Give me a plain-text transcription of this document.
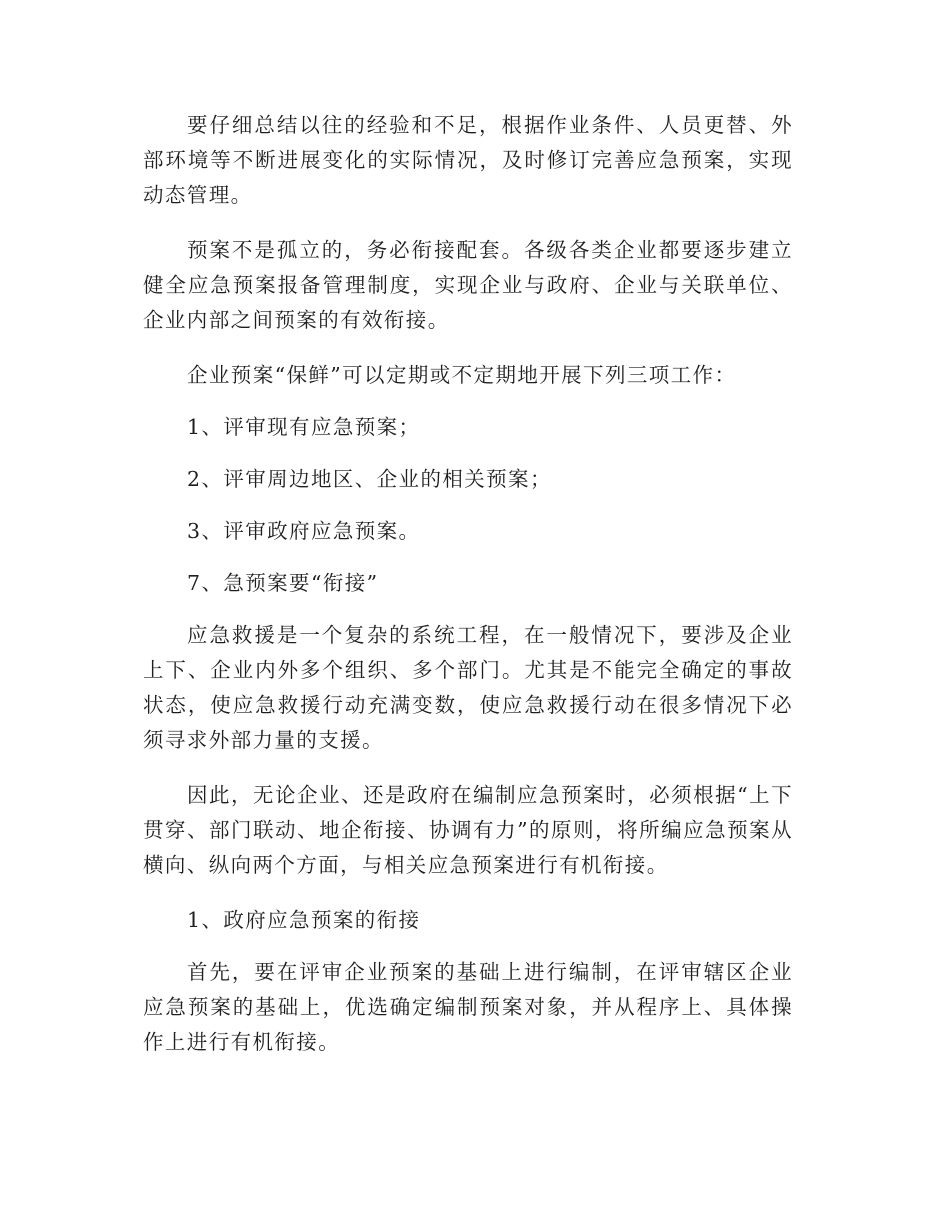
要仔细总结以往的经验和不足，根据作业条件、人员更替、外部环境等不断进展变化的实际情况，及时修订完善应急预案，实现动态管理。

预案不是孤立的，务必衔接配套。各级各类企业都要逐步建立健全应急预案报备管理制度，实现企业与政府、企业与关联单位、企业内部之间预案的有效衔接。

企业预案“保鲜”可以定期或不定期地开展下列三项工作：

1、评审现有应急预案；

2、评审周边地区、企业的相关预案；

3、评审政府应急预案。

7、急预案要“衔接”

应急救援是一个复杂的系统工程，在一般情况下，要涉及企业上下、企业内外多个组织、多个部门。尤其是不能完全确定的事故状态，使应急救援行动充满变数，使应急救援行动在很多情况下必须寻求外部力量的支援。

因此，无论企业、还是政府在编制应急预案时，必须根据“上下贯穿、部门联动、地企衔接、协调有力”的原则，将所编应急预案从横向、纵向两个方面，与相关应急预案进行有机衔接。

1、政府应急预案的衔接

首先，要在评审企业预案的基础上进行编制，在评审辖区企业应急预案的基础上，优选确定编制预案对象，并从程序上、具体操作上进行有机衔接。
